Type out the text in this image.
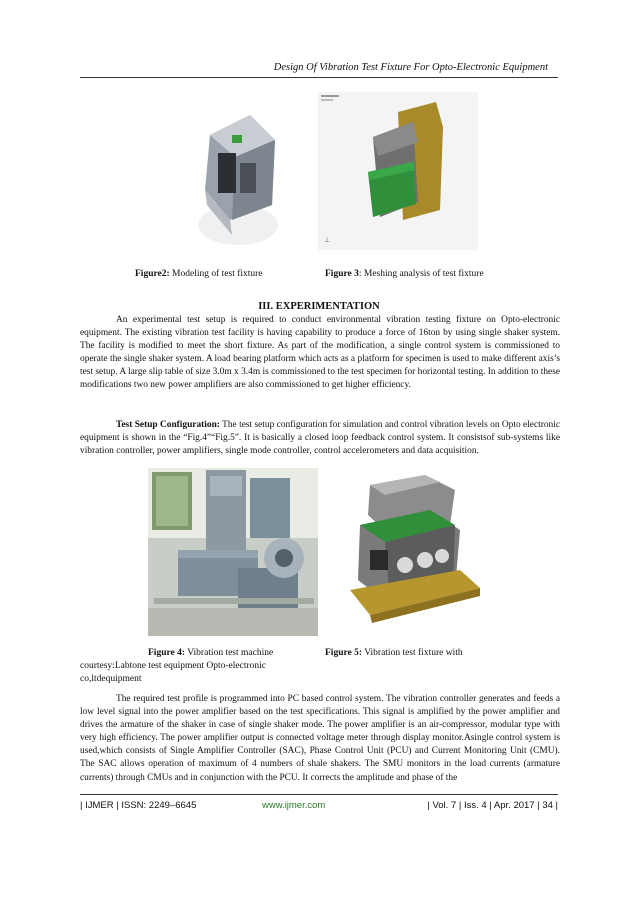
Design Of Vibration Test Fixture For Opto-Electronic Equipment
⊥
Figure2: Modeling of test fixture	Figure 3: Meshing analysis of test fixture
III. EXPERIMENTATION

An experimental test setup is required to conduct environmental vibration testing fixture on Opto-electronic equipment. The existing vibration test facility is having capability to produce a force of 16ton by using single shaker system. The facility is modified to meet the short fixture. As part of the modification, a single control system is commissioned to operate the single shaker system. A load bearing platform which acts as a platform for specimen is used to make different axis’s test setup. A large slip table of size 3.0m x 3.4m is commissioned to the test specimen for horizontal testing. In addition to these modifications two new power amplifiers are also commissioned to get higher efficiency.

Test Setup Configuration: The test setup configuration for simulation and control vibration levels on Opto electronic equipment is shown in the “Fig.4”“Fig.5”. It is basically a closed loop feedback control system. It consistsof sub-systems like vibration controller, power amplifiers, single mode controller, control accelerometers and data acquisition.

Figure 4: Vibration test machine	Figure 5: Vibration test fixture with
courtesy:Labtone test equipment Opto-electronic co,ltdequipment

The required test profile is programmed into PC based control system. The vibration controller generates and feeds a low level signal into the power amplifier based on the test specifications. This signal is amplified by the power amplifier and drives the armature of the shaker in case of single shaker mode. The power amplifier is an air-compressor, modular type with very high efficiency. The power amplifier output is connected voltage meter through display monitor.Asingle control system is used,which consists of Single Amplifier Controller (SAC), Phase Control Unit (PCU) and Current Monitoring Unit (CMU). The SAC allows operation of maximum of 4 numbers of shale shakers. The SMU monitors in the load currents (armature currents) through CMUs and in conjunction with the PCU. It corrects the amplitude and phase of the

| IJMER | ISSN: 2249–6645	www.ijmer.com	| Vol. 7 | Iss. 4 | Apr. 2017 | 34 |
